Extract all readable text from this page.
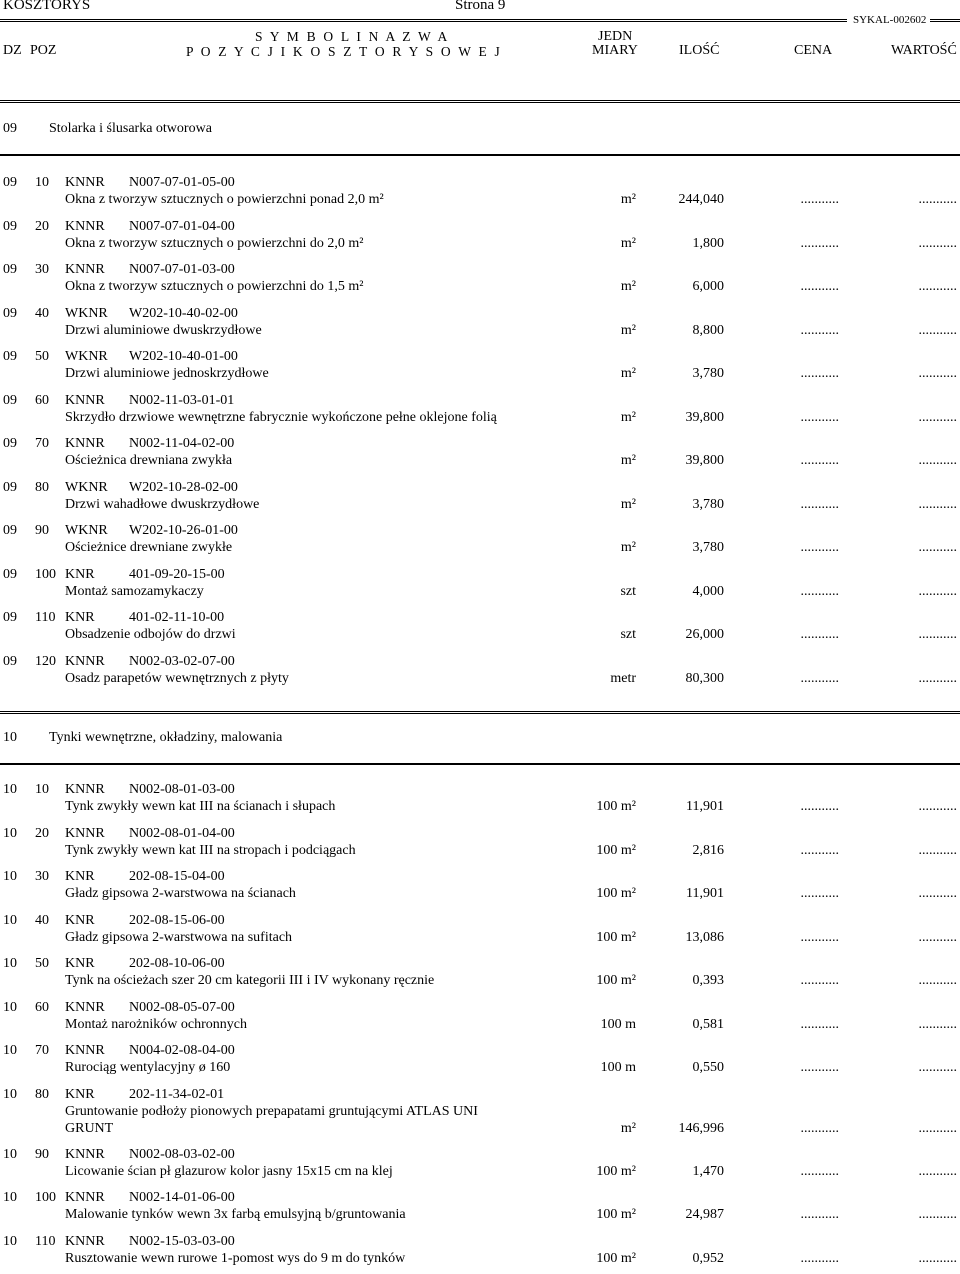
KOSZTORYS	Strona 9
SYKAL-002602
S Y M B O L I N A Z W A
P O Z Y C J I K O S Z T O R Y S O W E J
DZ POZ
JEDN
MIARY	ILOŚĆ	CENA	WARTOŚĆ
09 Stolarka i ślusarka otworowa
09 10 KNNR N007-07-01-05-00
Okna z tworzyw sztucznych o powierzchni ponad 2,0 m²	m²	244,040	...........	...........
09 20 KNNR N007-07-01-04-00
Okna z tworzyw sztucznych o powierzchni do 2,0 m²	m²	1,800	...........	...........
09 30 KNNR N007-07-01-03-00
Okna z tworzyw sztucznych o powierzchni do 1,5 m²	m²	6,000	...........	...........
09 40 WKNR W202-10-40-02-00
Drzwi aluminiowe dwuskrzydłowe	m²	8,800	...........	...........
09 50 WKNR W202-10-40-01-00
Drzwi aluminiowe jednoskrzydłowe	m²	3,780	...........	...........
09 60 KNNR N002-11-03-01-01
Skrzydło drzwiowe wewnętrzne fabrycznie wykończone pełne oklejone folią	m²	39,800	...........	...........
09 70 KNNR N002-11-04-02-00
Ościeżnica drewniana zwykła	m²	39,800	...........	...........
09 80 WKNR W202-10-28-02-00
Drzwi wahadłowe dwuskrzydłowe	m²	3,780	...........	...........
09 90 WKNR W202-10-26-01-00
Ościeżnice drewniane zwykłe	m²	3,780	...........	...........
09 100 KNR 401-09-20-15-00
Montaż samozamykaczy	szt	4,000	...........	...........
09 110 KNR 401-02-11-10-00
Obsadzenie odbojów do drzwi	szt	26,000	...........	...........
09 120 KNNR N002-03-02-07-00
Osadz parapetów wewnętrznych z płyty	metr	80,300	...........	...........
10 Tynki wewnętrzne, okładziny, malowania
10 10 KNNR N002-08-01-03-00
Tynk zwykły wewn kat III na ścianach i słupach	100 m²	11,901	...........	...........
10 20 KNNR N002-08-01-04-00
Tynk zwykły wewn kat III na stropach i podciągach	100 m²	2,816	...........	...........
10 30 KNR 202-08-15-04-00
Gładz gipsowa 2-warstwowa na ścianach	100 m²	11,901	...........	...........
10 40 KNR 202-08-15-06-00
Gładz gipsowa 2-warstwowa na sufitach	100 m²	13,086	...........	...........
10 50 KNR 202-08-10-06-00
Tynk na ościeżach szer 20 cm kategorii III i IV wykonany ręcznie	100 m²	0,393	...........	...........
10 60 KNNR N002-08-05-07-00
Montaż narożników ochronnych	100 m	0,581	...........	...........
10 70 KNNR N004-02-08-04-00
Rurociąg wentylacyjny ø 160	100 m	0,550	...........	...........
10 80 KNR 202-11-34-02-01
Gruntowanie podłoży pionowych prepapatami gruntującymi ATLAS UNI
GRUNT	m²	146,996	...........	...........
10 90 KNNR N002-08-03-02-00
Licowanie ścian pł glazurow kolor jasny 15x15 cm na klej	100 m²	1,470	...........	...........
10 100 KNNR N002-14-01-06-00
Malowanie tynków wewn 3x farbą emulsyjną b/gruntowania	100 m²	24,987	...........	...........
10 110 KNNR N002-15-03-03-00
Rusztowanie wewn rurowe 1-pomost wys do 9 m do tynków	100 m²	0,952	...........	...........
